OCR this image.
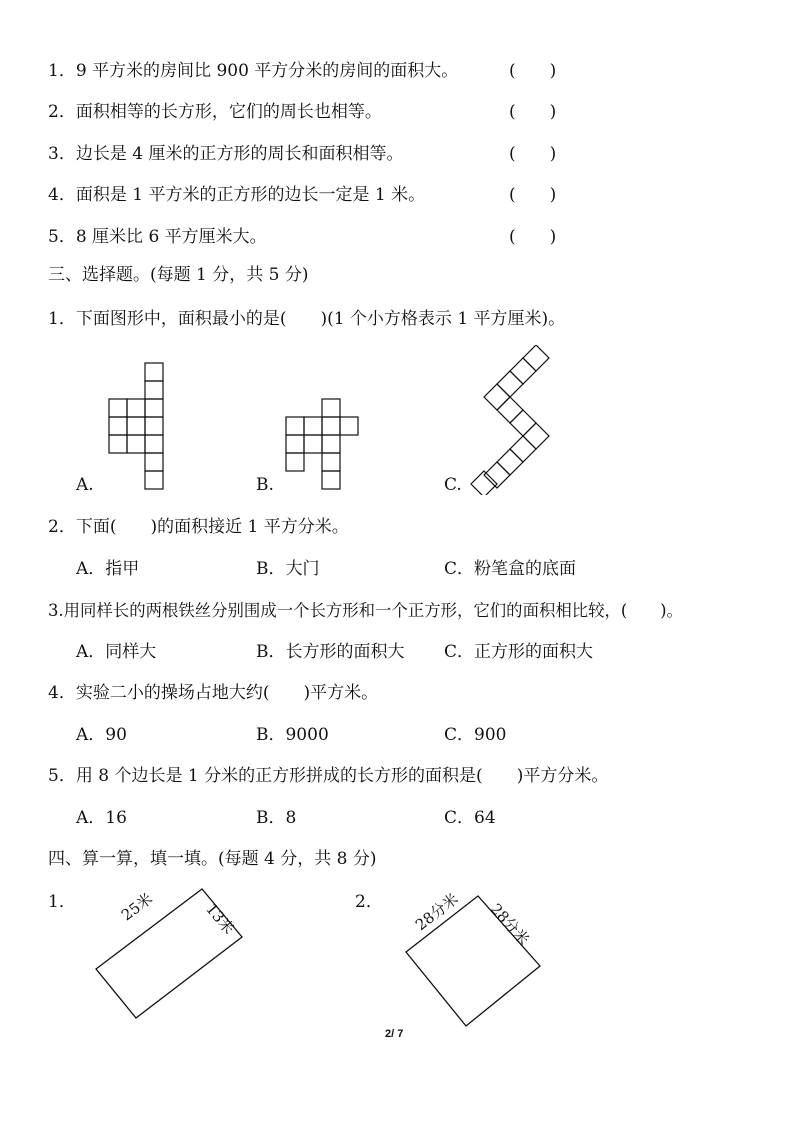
1．9 平方米的房间比 900 平方分米的房间的面积大。	(　　)
2．面积相等的长方形，它们的周长也相等。	(　　)
3．边长是 4 厘米的正方形的周长和面积相等。	(　　)
4．面积是 1 平方米的正方形的边长一定是 1 米。	(　　)
5．8 厘米比 6 平方厘米大。	(　　)
三、选择题。(每题 1 分，共 5 分)
1．下面图形中，面积最小的是(　　)(1 个小方格表示 1 平方厘米)。
A.	B.	C.
2．下面(　　)的面积接近 1 平方分米。
A．指甲	B．大门	C．粉笔盒的底面
3.用同样长的两根铁丝分别围成一个长方形和一个正方形，它们的面积相比较，(　　)。
A．同样大	B．长方形的面积大 C．正方形的面积大
4．实验二小的操场占地大约(　　)平方米。
A．90	B．9000	C．900
5．用 8 个边长是 1 分米的正方形拼成的长方形的面积是(　　)平方分米。
A．16	B．8	C．64
四、算一算，填一填。(每题 4 分，共 8 分)
1．	25米	13米	2． 28分米 28分米
2/ 7
